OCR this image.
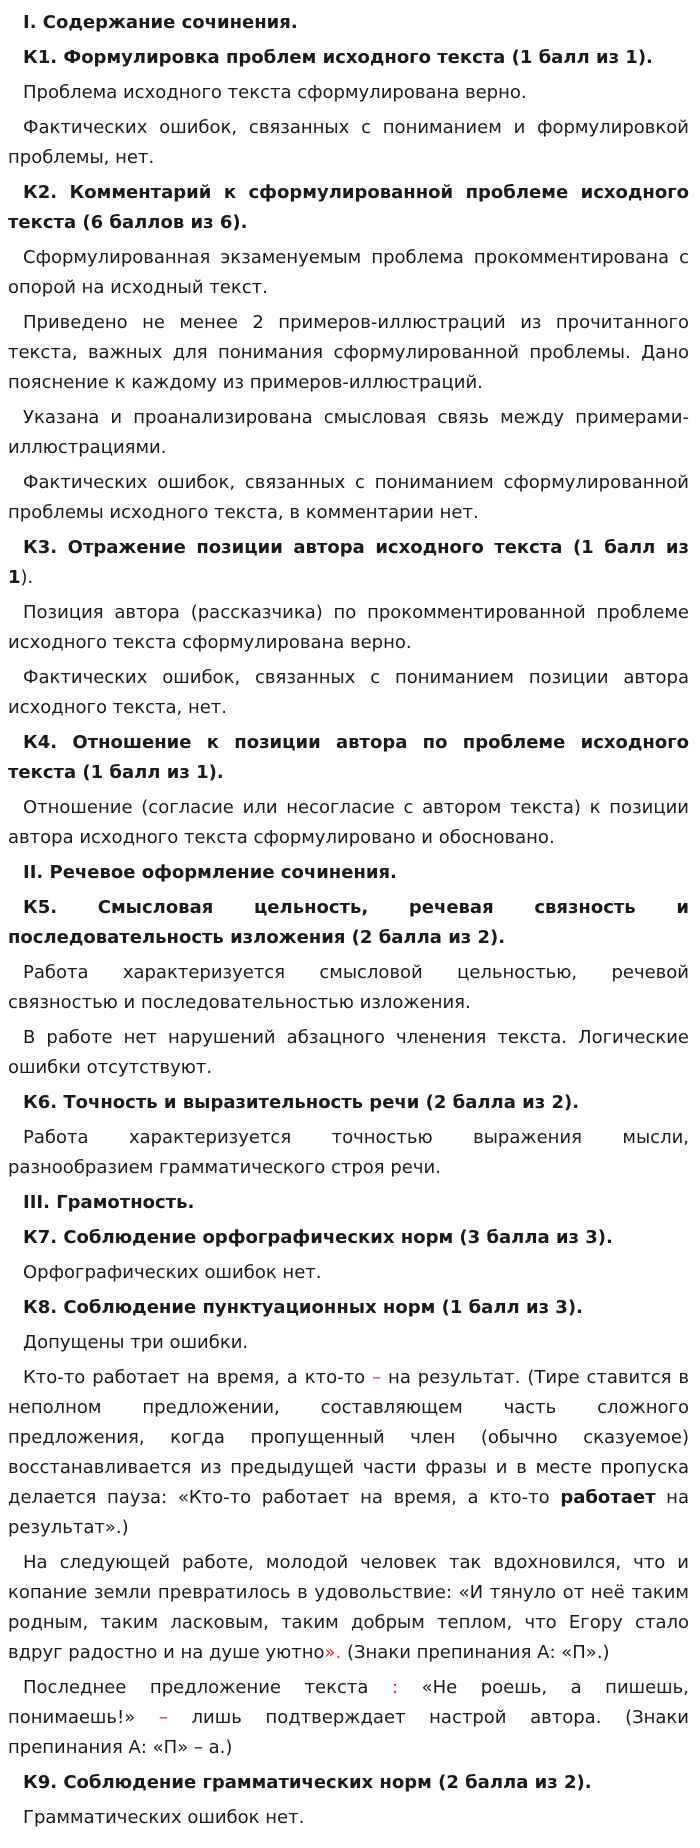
I. Содержание сочинения.

К1. Формулировка проблем исходного текста (1 балл из 1).

Проблема исходного текста сформулирована верно.

Фактических ошибок, связанных с пониманием и формулировкой

проблемы, нет.

К2. Комментарий к сформулированной проблеме исходного

текста (6 баллов из 6).

Сформулированная экзаменуемым проблема прокомментирована с

опорой на исходный текст.

Приведено не менее 2 примеров-иллюстраций из прочитанного

текста, важных для понимания сформулированной проблемы. Дано

пояснение к каждому из примеров-иллюстраций.

Указана и проанализирована смысловая связь между примерами-

иллюстрациями.

Фактических ошибок, связанных с пониманием сформулированной

проблемы исходного текста, в комментарии нет.

К3. Отражение позиции автора исходного текста (1 балл из

1).

Позиция автора (рассказчика) по прокомментированной проблеме

исходного текста сформулирована верно.

Фактических ошибок, связанных с пониманием позиции автора

исходного текста, нет.

К4. Отношение к позиции автора по проблеме исходного

текста (1 балл из 1).

Отношение (согласие или несогласие с автором текста) к позиции

автора исходного текста сформулировано и обосновано.

II. Речевое оформление сочинения.

К5. Смысловая цельность, речевая связность и

последовательность изложения (2 балла из 2).

Работа характеризуется смысловой цельностью, речевой

связностью и последовательностью изложения.

В работе нет нарушений абзацного членения текста. Логические

ошибки отсутствуют.

К6. Точность и выразительность речи (2 балла из 2).

Работа характеризуется точностью выражения мысли,

разнообразием грамматического строя речи.

III. Грамотность.

К7. Соблюдение орфографических норм (3 балла из 3).

Орфографических ошибок нет.

К8. Соблюдение пунктуационных норм (1 балл из 3).

Допущены три ошибки.

Кто-то работает на время, а кто-то – на результат. (Тире ставится в

неполном предложении, составляющем часть сложного

предложения, когда пропущенный член (обычно сказуемое)

восстанавливается из предыдущей части фразы и в месте пропуска

делается пауза: «Кто-то работает на время, а кто-то работает на

результат».)

На следующей работе, молодой человек так вдохновился, что и

копание земли превратилось в удовольствие: «И тянуло от неё таким

родным, таким ласковым, таким добрым теплом, что Егору стало

вдруг радостно и на душе уютно». (Знаки препинания А: «П».)

Последнее предложение текста : «Не роешь, а пишешь,

понимаешь!» – лишь подтверждает настрой автора. (Знаки

препинания А: «П» – а.)

К9. Соблюдение грамматических норм (2 балла из 2).

Грамматических ошибок нет.
